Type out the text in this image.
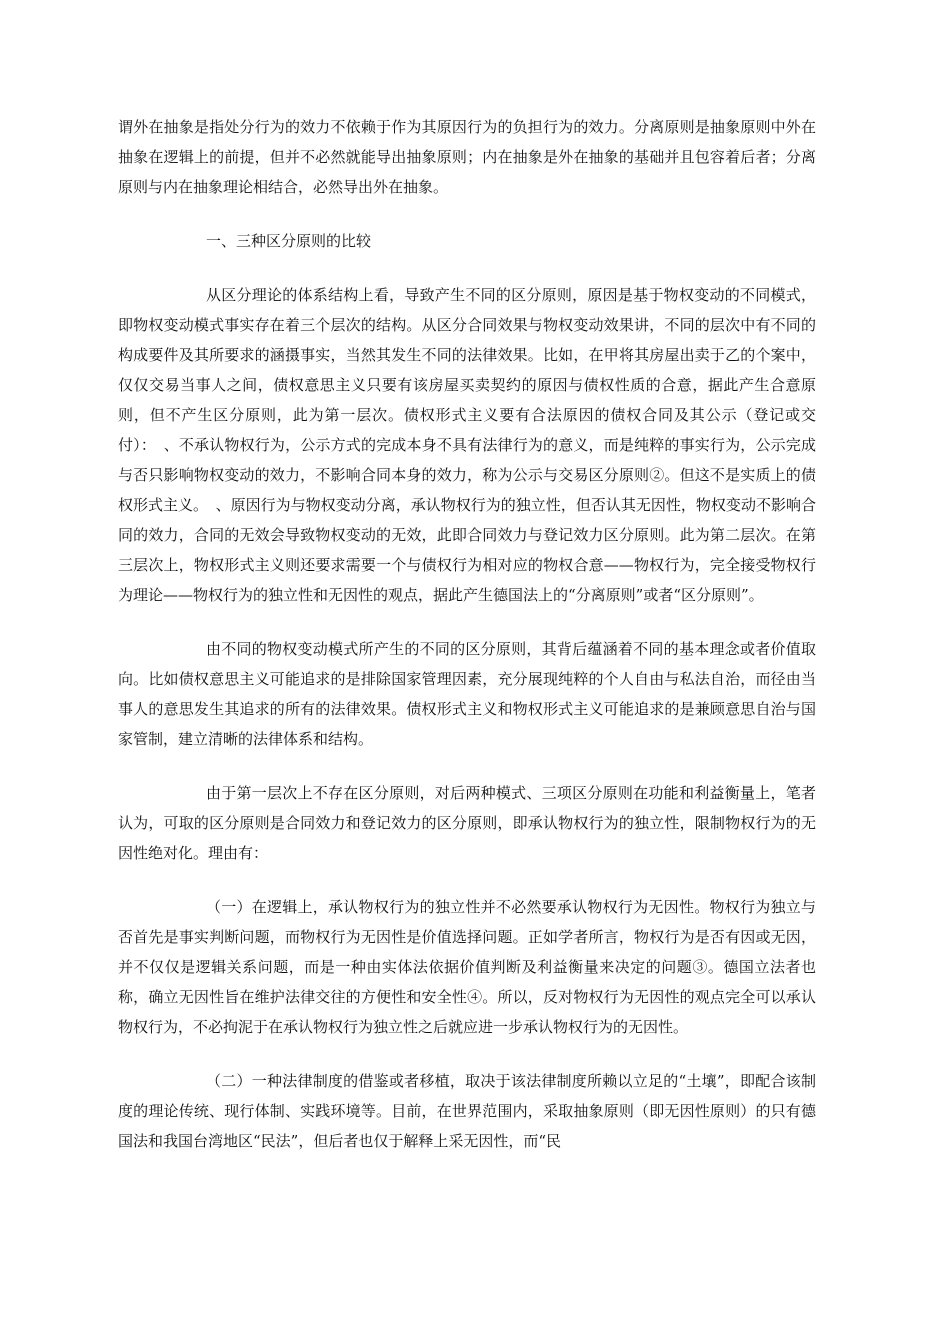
谓外在抽象是指处分行为的效力不依赖于作为其原因行为的负担行为的效力。分离原则是抽象原则中外在抽象在逻辑上的前提，但并不必然就能导出抽象原则；内在抽象是外在抽象的基础并且包容着后者；分离原则与内在抽象理论相结合，必然导出外在抽象。

一、三种区分原则的比较

从区分理论的体系结构上看，导致产生不同的区分原则，原因是基于物权变动的不同模式，即物权变动模式事实存在着三个层次的结构。从区分合同效果与物权变动效果讲，不同的层次中有不同的构成要件及其所要求的涵摄事实，当然其发生不同的法律效果。比如，在甲将其房屋出卖于乙的个案中，仅仅交易当事人之间，债权意思主义只要有该房屋买卖契约的原因与债权性质的合意，据此产生合意原则，但不产生区分原则，此为第一层次。债权形式主义要有合法原因的债权合同及其公示（登记或交付）：　、不承认物权行为，公示方式的完成本身不具有法律行为的意义，而是纯粹的事实行为，公示完成与否只影响物权变动的效力，不影响合同本身的效力，称为公示与交易区分原则②。但这不是实质上的债权形式主义。　、原因行为与物权变动分离，承认物权行为的独立性，但否认其无因性，物权变动不影响合同的效力，合同的无效会导致物权变动的无效，此即合同效力与登记效力区分原则。此为第二层次。在第三层次上，物权形式主义则还要求需要一个与债权行为相对应的物权合意——物权行为，完全接受物权行为理论——物权行为的独立性和无因性的观点，据此产生德国法上的“分离原则”或者“区分原则”。

由不同的物权变动模式所产生的不同的区分原则，其背后蕴涵着不同的基本理念或者价值取向。比如债权意思主义可能追求的是排除国家管理因素，充分展现纯粹的个人自由与私法自治，而径由当事人的意思发生其追求的所有的法律效果。债权形式主义和物权形式主义可能追求的是兼顾意思自治与国家管制，建立清晰的法律体系和结构。

由于第一层次上不存在区分原则，对后两种模式、三项区分原则在功能和利益衡量上，笔者认为，可取的区分原则是合同效力和登记效力的区分原则，即承认物权行为的独立性，限制物权行为的无因性绝对化。理由有：

（一）在逻辑上，承认物权行为的独立性并不必然要承认物权行为无因性。物权行为独立与否首先是事实判断问题，而物权行为无因性是价值选择问题。正如学者所言，物权行为是否有因或无因，并不仅仅是逻辑关系问题，而是一种由实体法依据价值判断及利益衡量来决定的问题③。德国立法者也称，确立无因性旨在维护法律交往的方便性和安全性④。所以，反对物权行为无因性的观点完全可以承认物权行为，不必拘泥于在承认物权行为独立性之后就应进一步承认物权行为的无因性。

（二）一种法律制度的借鉴或者移植，取决于该法律制度所赖以立足的“土壤”，即配合该制度的理论传统、现行体制、实践环境等。目前，在世界范围内，采取抽象原则（即无因性原则）的只有德国法和我国台湾地区“民法”，但后者也仅于解释上采无因性，而“民
